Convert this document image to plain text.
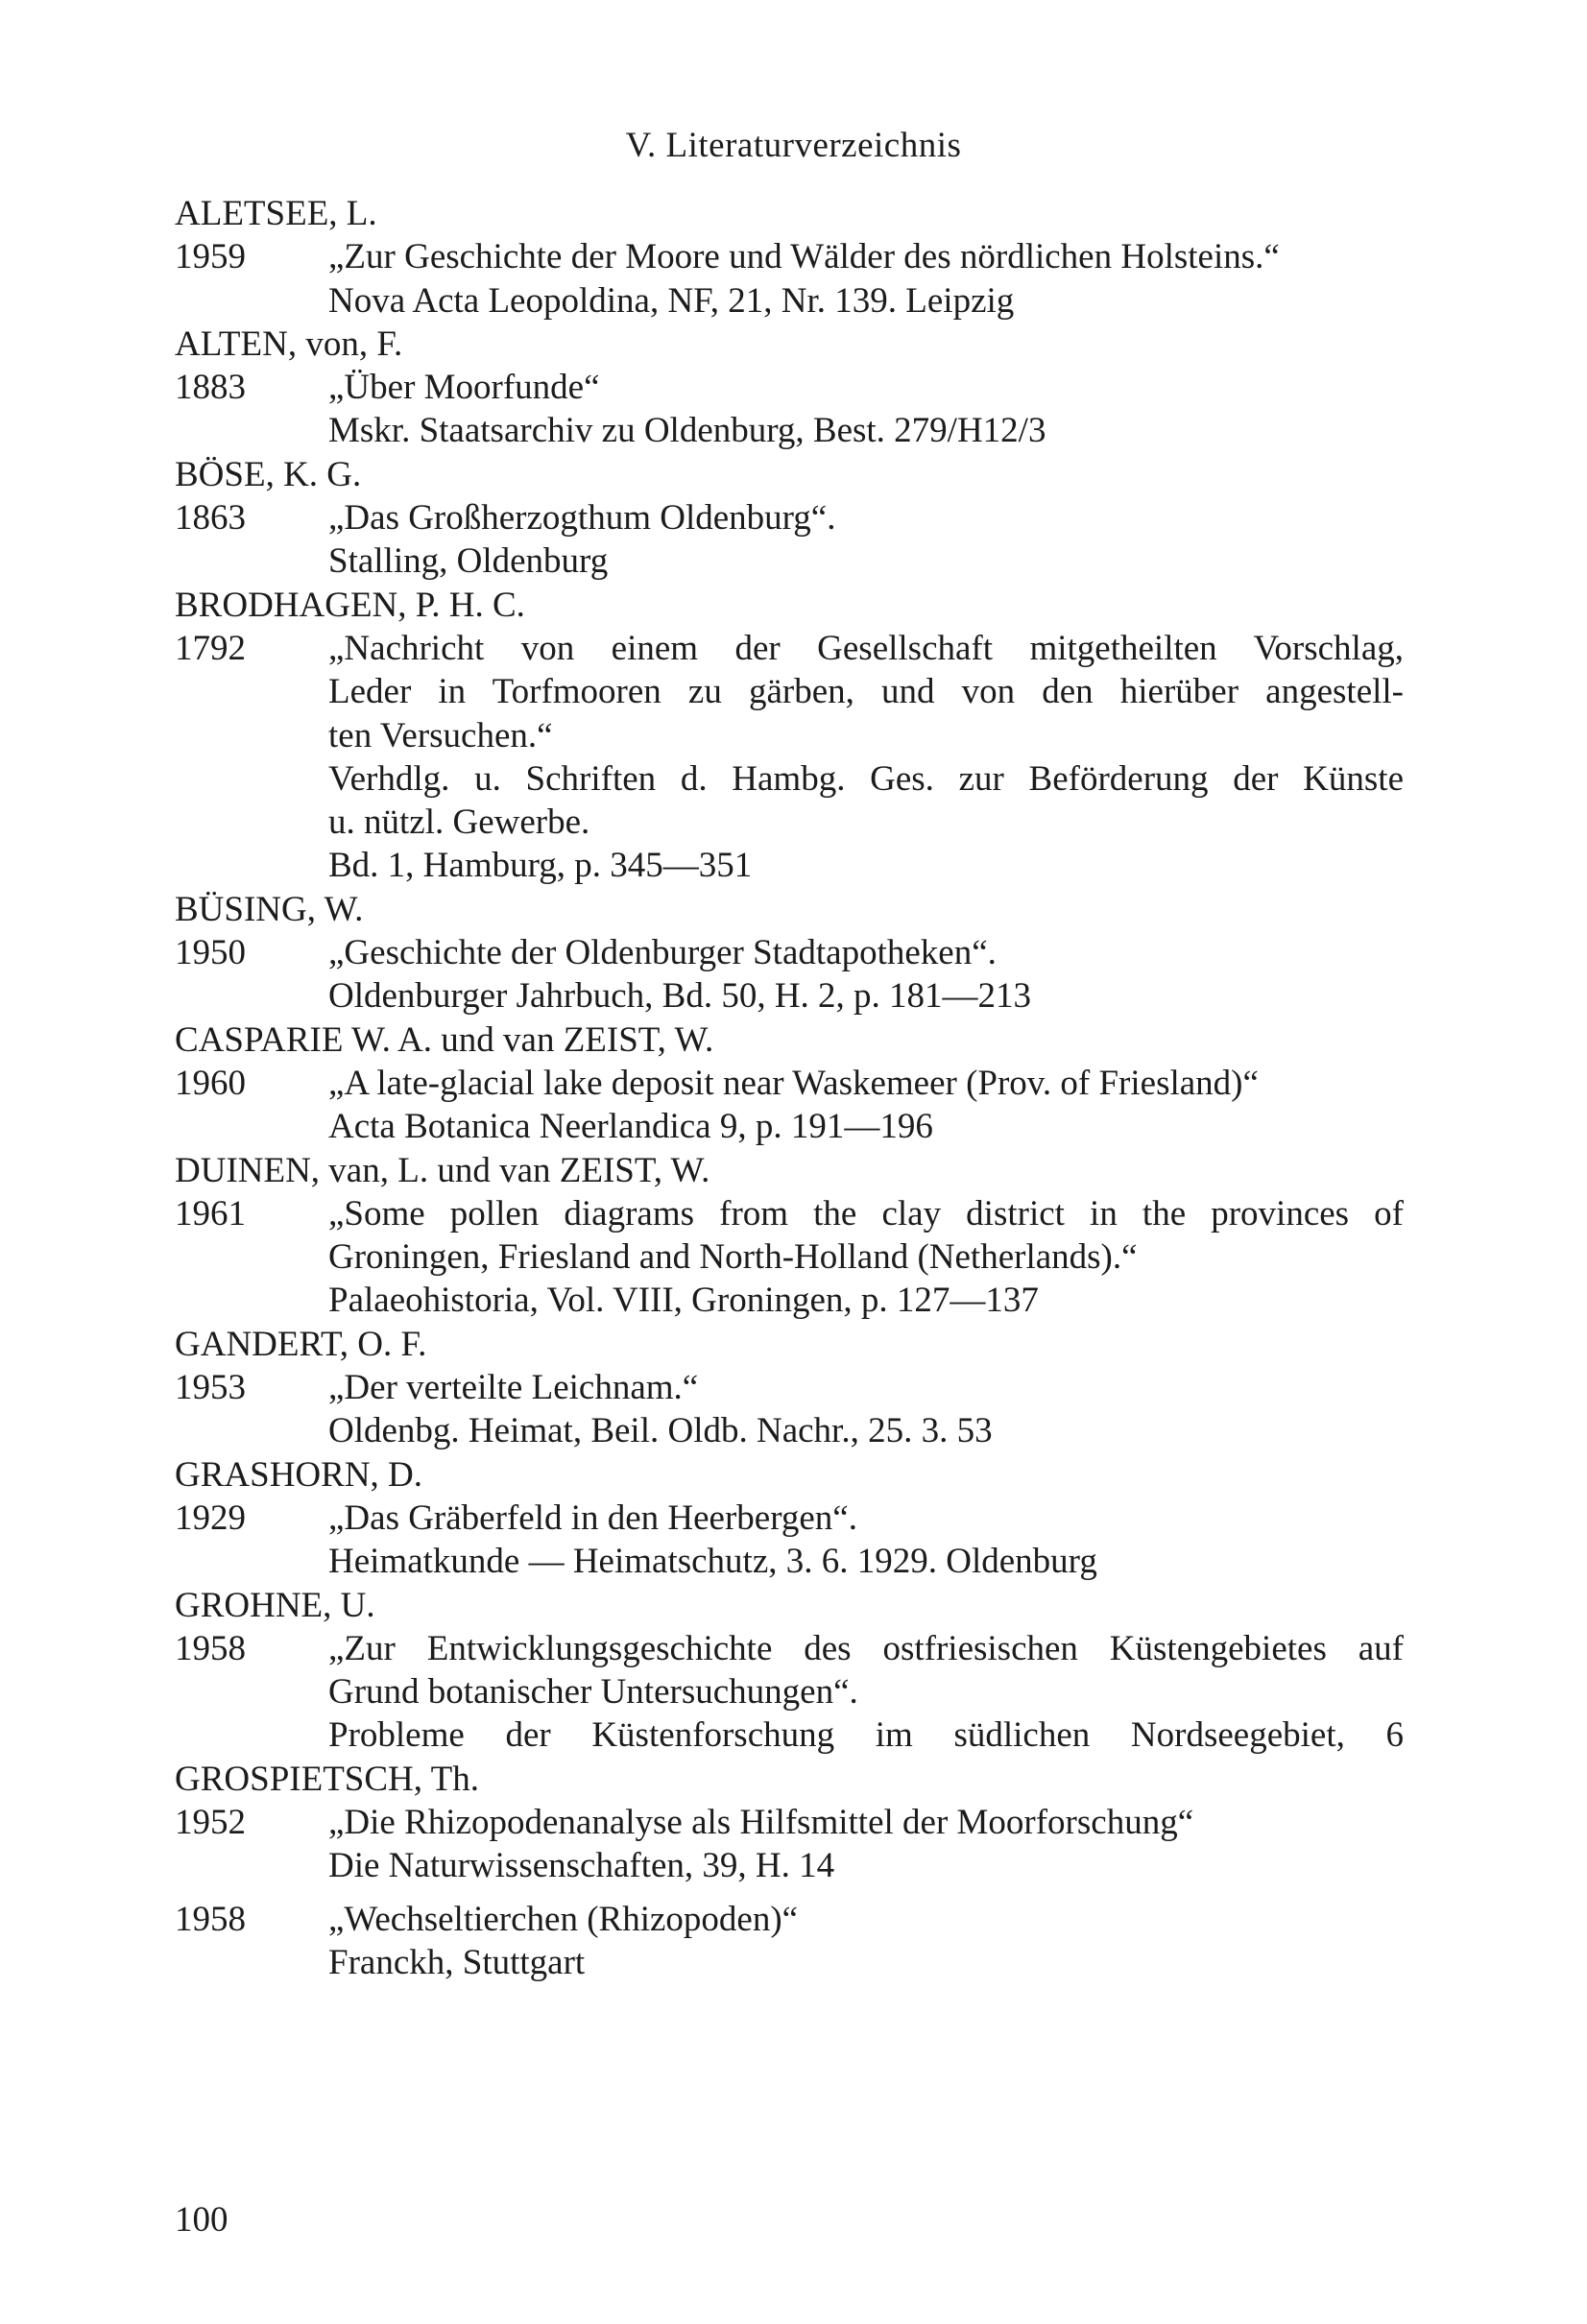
V. Literaturverzeichnis
ALETSEE, L.
1959	„Zur Geschichte der Moore und Wälder des nördlichen Holsteins.“
Nova Acta Leopoldina, NF, 21, Nr. 139. Leipzig
ALTEN, von, F.
1883	„Über Moorfunde“
Mskr. Staatsarchiv zu Oldenburg, Best. 279/H12/3
BÖSE, K. G.
1863	„Das Großherzogthum Oldenburg“.
Stalling, Oldenburg
BRODHAGEN, P. H. C.
1792	„Nachricht von einem der Gesellschaft mitgetheilten Vorschlag,
Leder in Torfmooren zu gärben, und von den hierüber angestell-
ten Versuchen.“
Verhdlg. u. Schriften d. Hambg. Ges. zur Beförderung der Künste
u. nützl. Gewerbe.
Bd. 1, Hamburg, p. 345—351
BÜSING, W.
1950	„Geschichte der Oldenburger Stadtapotheken“.
Oldenburger Jahrbuch, Bd. 50, H. 2, p. 181—213
CASPARIE W. A. und van ZEIST, W.
1960	„A late-glacial lake deposit near Waskemeer (Prov. of Friesland)“
Acta Botanica Neerlandica 9, p. 191—196
DUINEN, van, L. und van ZEIST, W.
1961	„Some pollen diagrams from the clay district in the provinces of
Groningen, Friesland and North-Holland (Netherlands).“
Palaeohistoria, Vol. VIII, Groningen, p. 127—137
GANDERT, O. F.
1953	„Der verteilte Leichnam.“
Oldenbg. Heimat, Beil. Oldb. Nachr., 25. 3. 53
GRASHORN, D.
1929	„Das Gräberfeld in den Heerbergen“.
Heimatkunde — Heimatschutz, 3. 6. 1929. Oldenburg
GROHNE, U.
1958	„Zur Entwicklungsgeschichte des ostfriesischen Küstengebietes auf
Grund botanischer Untersuchungen“.
Probleme der Küstenforschung im südlichen Nordseegebiet, 6
GROSPIETSCH, Th.
1952	„Die Rhizopodenanalyse als Hilfsmittel der Moorforschung“
Die Naturwissenschaften, 39, H. 14
1958	„Wechseltierchen (Rhizopoden)“
Franckh, Stuttgart
100
